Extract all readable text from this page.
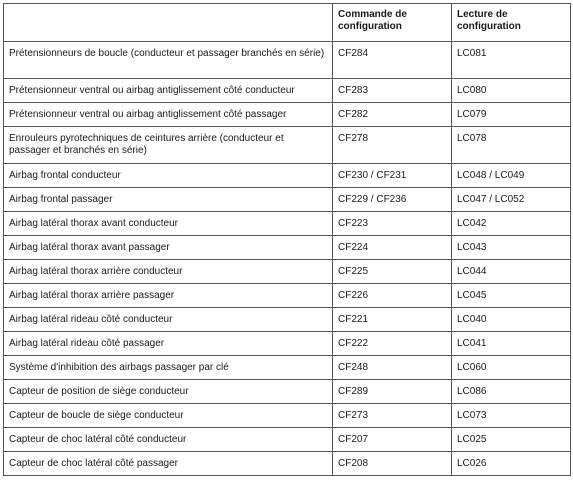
	Commande de configuration	Lecture de configuration
Prétensionneurs de boucle (conducteur et passager branchés en série)	CF284	LC081
Prétensionneur ventral ou airbag antiglissement côté conducteur	CF283	LC080
Prétensionneur ventral ou airbag antiglissement côté passager	CF282	LC079
Enrouleurs pyrotechniques de ceintures arrière (conducteur et passager et branchés en série)	CF278	LC078
Airbag frontal conducteur	CF230 / CF231	LC048 / LC049
Airbag frontal passager	CF229 / CF236	LC047 / LC052
Airbag latéral thorax avant conducteur	CF223	LC042
Airbag latéral thorax avant passager	CF224	LC043
Airbag latéral thorax arrière conducteur	CF225	LC044
Airbag latéral thorax arrière passager	CF226	LC045
Airbag latéral rideau côté conducteur	CF221	LC040
Airbag latéral rideau côté passager	CF222	LC041
Système d'inhibition des airbags passager par clé	CF248	LC060
Capteur de position de siège conducteur	CF289	LC086
Capteur de boucle de siège conducteur	CF273	LC073
Capteur de choc latéral côté conducteur	CF207	LC025
Capteur de choc latéral côté passager	CF208	LC026
